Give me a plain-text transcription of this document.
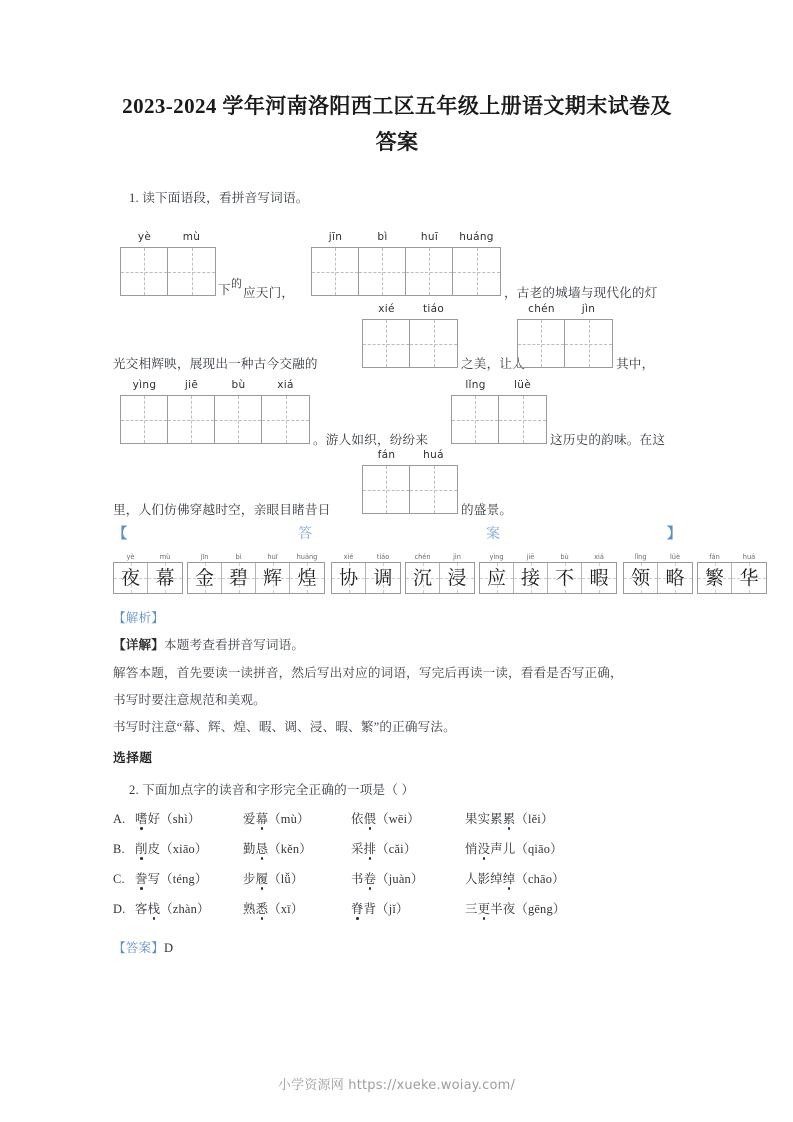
2023-2024 学年河南洛阳西工区五年级上册语文期末试卷及答案

1. 读下面语段，看拼音写词语。

yè	mù
下 的
应天门，
jīn	bì	huī	huáng
，古老的城墙与现代化的灯
光交相辉映，展现出一种古今交融的
xié	tiáo
之美，让人
chén	jìn
其中，
yìng	jiē	bù	xiá
。游人如织，纷纷来
lǐng	lüè
这历史的韵味。在这
里，人们仿佛穿越时空，亲眼目睹昔日
fán	huá
的盛景。
【	答	案	】
yè
夜
mù
幕
jīn
金
bì
碧
huī
辉
huáng
煌
xié
协
tiáo
调
chén
沉
jìn
浸
yìng
应
jiē
接
bù
不
xiá
暇
lǐng
领
lüè
略
fán
繁
huá
华

【解析】

【详解】本题考查看拼音写词语。

解答本题，首先要读一读拼音，然后写出对应的词语，写完后再读一读，看看是否写正确，

书写时要注意规范和美观。

书写时注意“幕、辉、煌、暇、调、浸、暇、繁”的正确写法。

选择题

2. 下面加点字的读音和字形完全正确的一项是（ ）

A. 嗜好（shì）	爱幕（mù）	依偎（wēi）	果实累累（lěi）
B. 削皮（xiāo）	勤恳（kěn）	采排（cǎi）	悄没声儿（qiāo）
C. 誊写（téng）	步履（lǚ）	书卷（juàn）	人影绰绰（chāo）
D. 客栈（zhàn）	熟悉（xī）	脊背（jǐ）	三更半夜（gēng）

【答案】D

小学资源网 https://xueke.woiay.com/
